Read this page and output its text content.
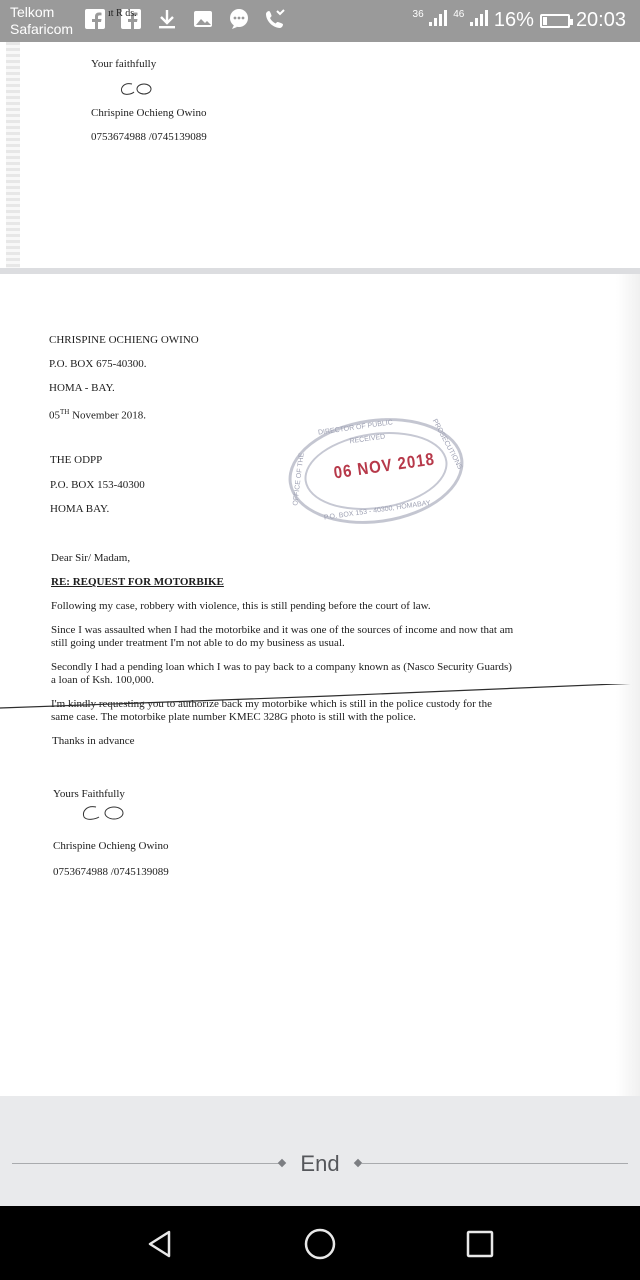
Telkom
Safaricom
ıt R ds.	$^{36}$	$^{46}$	16% 20:03
Your faithfully
Chrispine Ochieng Owino
0753674988 /0745139089
CHRISPINE OCHIENG OWINO
P.O. BOX 675-40300.
HOMA - BAY.
05TH November 2018.
THE ODPP
P.O. BOX 153-40300
HOMA BAY.
DIRECTOR OF PUBLIC
RECEIVED
OFFICE OF THE
PROSECUTIONS
06 NOV 2018
P.O. BOX 153 - 40300, HOMABAY
Dear Sir/ Madam,
RE: REQUEST FOR MOTORBIKE
Following my case, robbery with violence, this is still pending before the court of law.
Since I was assaulted when I had the motorbike and it was one of the sources of income and now that am
still going under treatment I'm not able to do my business as usual.
Secondly I had a pending loan which I was to pay back to a company known as (Nasco Security Guards)
a loan of Ksh. 100,000.
I'm kindly requesting you to authorize back my motorbike which is still in the police custody for the
same case. The motorbike plate number KMEC 328G photo is still with the police.
Thanks in advance
Yours Faithfully
Chrispine Ochieng Owino
0753674988 /0745139089
End
